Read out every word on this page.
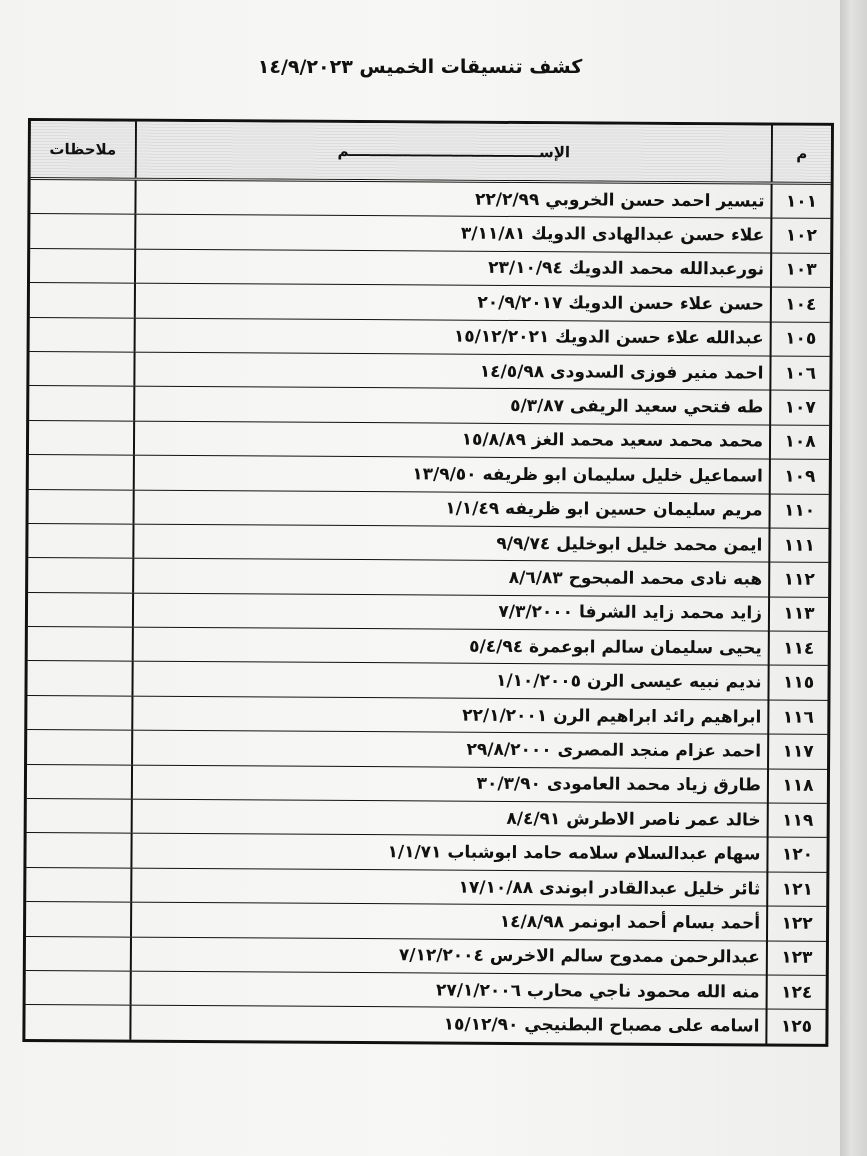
كشف تنسيقات الخميس ١٤/٩/٢٠٢٣
م
الإســـــــــــــــــــــــــــــــــــــم
ملاحظات
١٠١
تيسير احمد حسن الخروبي ٢٢/٢/٩٩
١٠٢
علاء حسن عبدالهادى الدويك ٣/١١/٨١
١٠٣
نورعبدالله محمد الدويك ٢٣/١٠/٩٤
١٠٤
حسن علاء حسن الدويك ٢٠/٩/٢٠١٧
١٠٥
عبدالله علاء حسن الدويك ١٥/١٢/٢٠٢١
١٠٦
احمد منير فوزى السدودى ١٤/٥/٩٨
١٠٧
طه فتحي سعيد الريفى ٥/٣/٨٧
١٠٨
محمد محمد سعيد محمد الغز ١٥/٨/٨٩
١٠٩
اسماعيل خليل سليمان ابو ظريفه ١٣/٩/٥٠
١١٠
مريم سليمان حسين ابو ظريفه ١/١/٤٩
١١١
ايمن محمد خليل ابوخليل ٩/٩/٧٤
١١٢
هبه نادى محمد المبحوح ٨/٦/٨٣
١١٣
زايد محمد زايد الشرفا ٧/٣/٢٠٠٠
١١٤
يحيى سليمان سالم ابوعمرة ٥/٤/٩٤
١١٥
نديم نبيه عيسى الرن ١/١٠/٢٠٠٥
١١٦
ابراهيم رائد ابراهيم الرن ٢٢/١/٢٠٠١
١١٧
احمد عزام منجد المصرى ٢٩/٨/٢٠٠٠
١١٨
طارق زياد محمد العامودى ٣٠/٣/٩٠
١١٩
خالد عمر ناصر الاطرش ٨/٤/٩١
١٢٠
سهام عبدالسلام سلامه حامد ابوشباب ١/١/٧١
١٢١
ثائر خليل عبدالقادر ابوندى ١٧/١٠/٨٨
١٢٢
أحمد بسام أحمد ابونمر ١٤/٨/٩٨
١٢٣
عبدالرحمن ممدوح سالم الاخرس ٧/١٢/٢٠٠٤
١٢٤
منه الله محمود ناجي محارب ٢٧/١/٢٠٠٦
١٢٥
اسامه على مصباح البطنيجي ١٥/١٢/٩٠
